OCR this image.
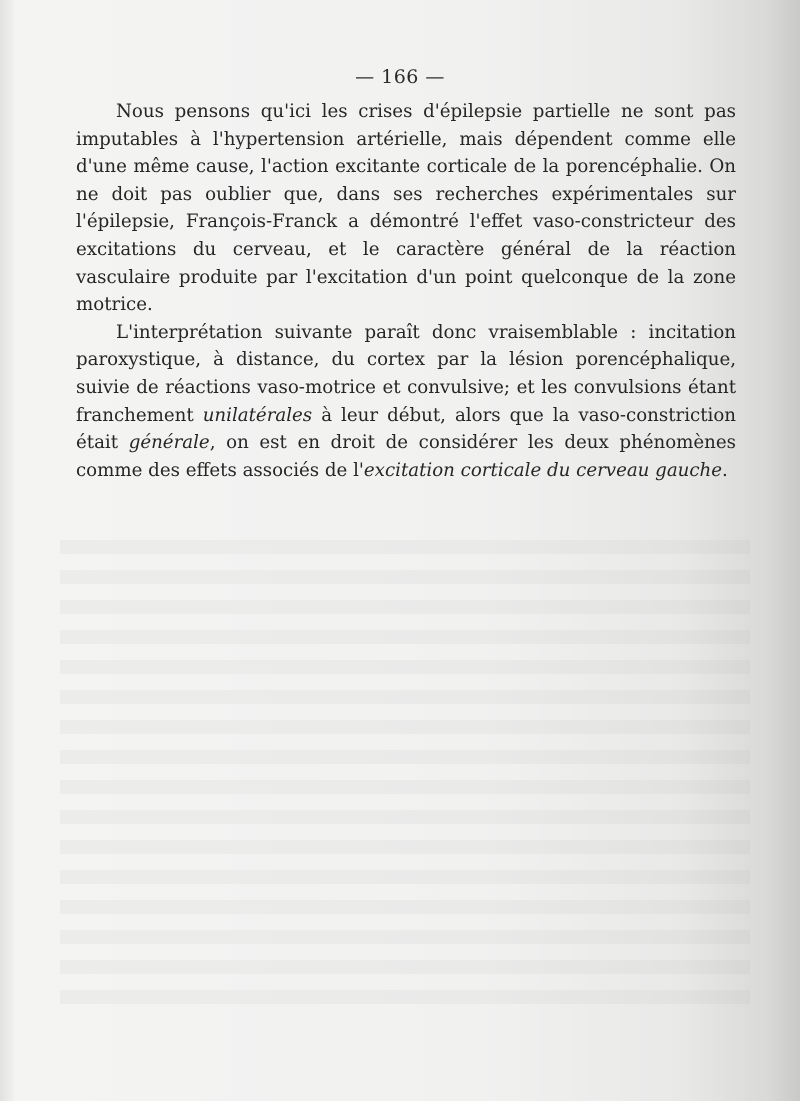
— 166 —

Nous pensons qu'ici les crises d'épilepsie partielle ne sont pas imputables à l'hypertension artérielle, mais dépendent comme elle d'une même cause, l'action excitante corticale de la porencéphalie. On ne doit pas oublier que, dans ses recherches expérimentales sur l'épilepsie, François-Franck a démontré l'effet vaso-constricteur des excitations du cerveau, et le caractère général de la réaction vasculaire produite par l'excitation d'un point quelconque de la zone motrice.

L'interprétation suivante paraît donc vraisemblable : incitation paroxystique, à distance, du cortex par la lésion porencéphalique, suivie de réactions vaso-motrice et convulsive; et les convulsions étant franchement unilatérales à leur début, alors que la vaso-constriction était générale, on est en droit de considérer les deux phénomènes comme des effets associés de l'excitation corticale du cerveau gauche.
